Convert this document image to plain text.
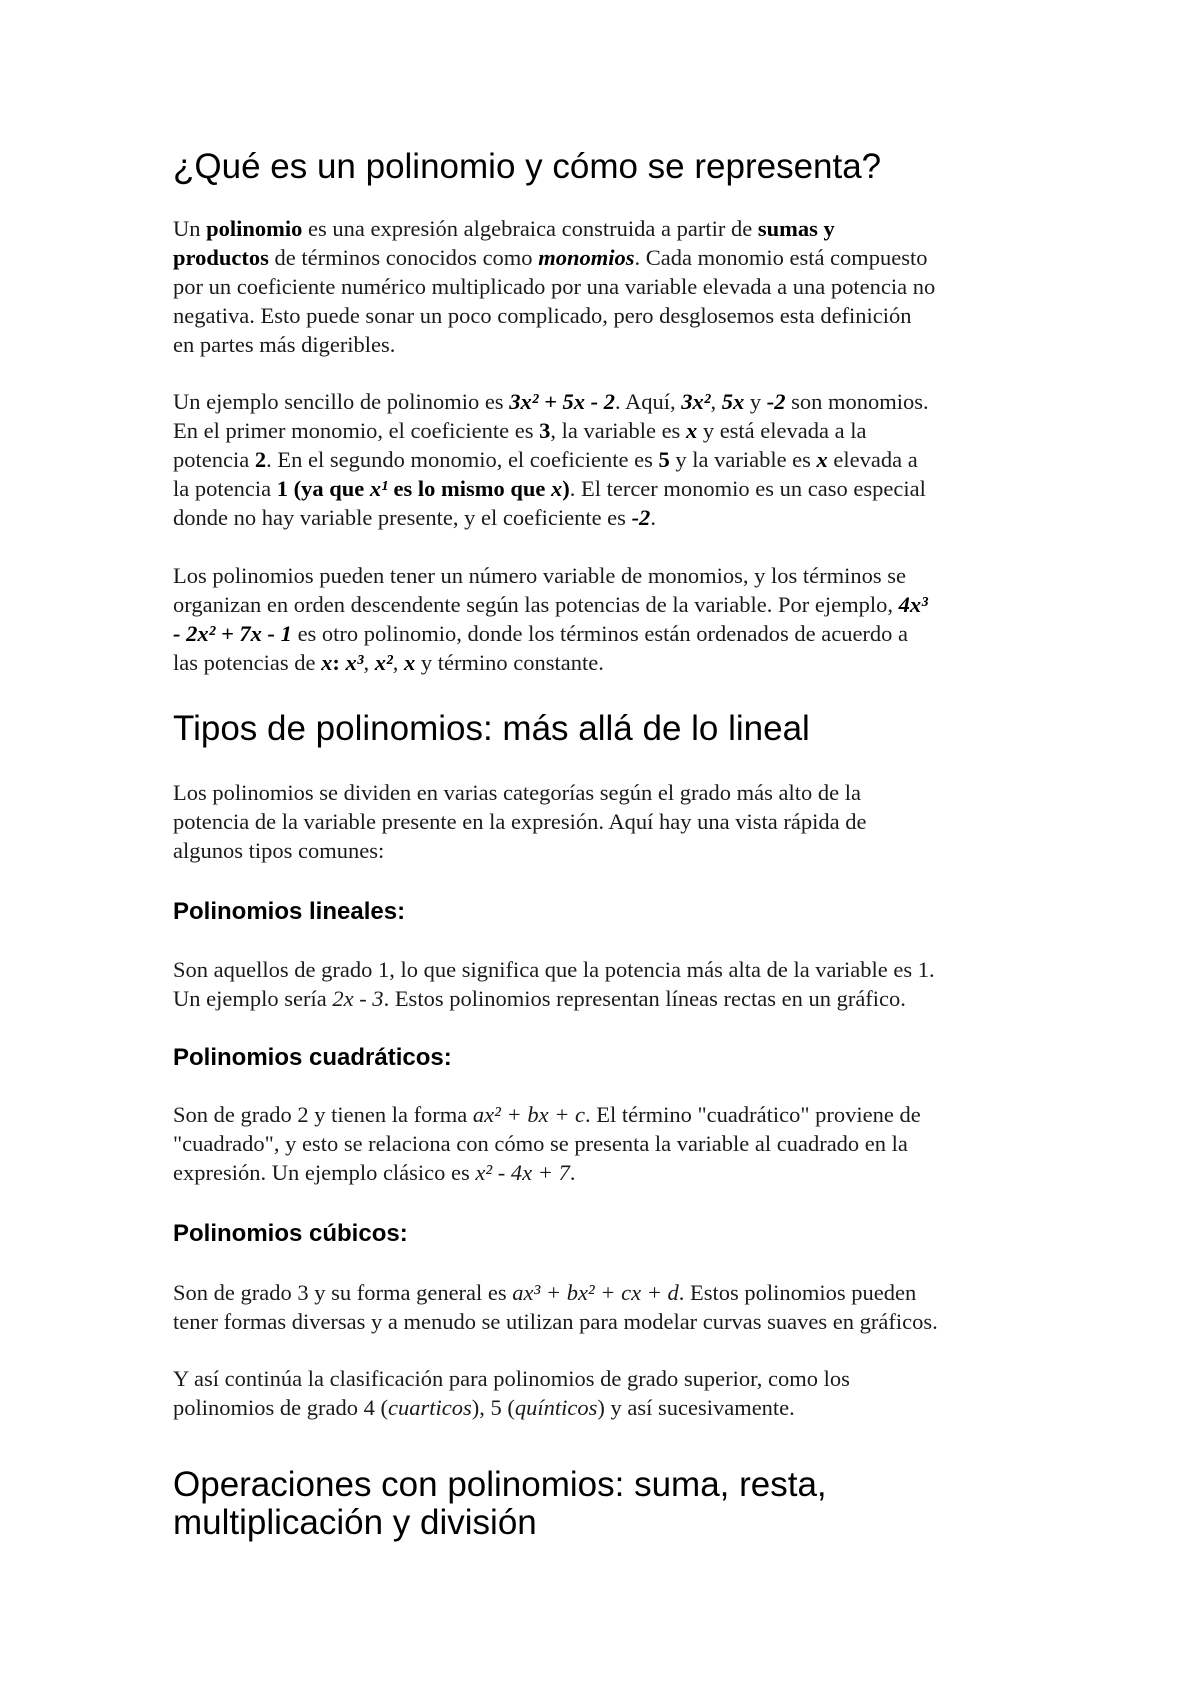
¿Qué es un polinomio y cómo se representa?
Un polinomio es una expresión algebraica construida a partir de sumas y
productos de términos conocidos como monomios. Cada monomio está compuesto
por un coeficiente numérico multiplicado por una variable elevada a una potencia no
negativa. Esto puede sonar un poco complicado, pero desglosemos esta definición
en partes más digeribles.
Un ejemplo sencillo de polinomio es 3x² + 5x - 2. Aquí, 3x², 5x y -2 son monomios.
En el primer monomio, el coeficiente es 3, la variable es x y está elevada a la
potencia 2. En el segundo monomio, el coeficiente es 5 y la variable es x elevada a
la potencia 1 (ya que x¹ es lo mismo que x). El tercer monomio es un caso especial
donde no hay variable presente, y el coeficiente es -2.
Los polinomios pueden tener un número variable de monomios, y los términos se
organizan en orden descendente según las potencias de la variable. Por ejemplo, 4x³
- 2x² + 7x - 1 es otro polinomio, donde los términos están ordenados de acuerdo a
las potencias de x: x³, x², x y término constante.
Tipos de polinomios: más allá de lo lineal
Los polinomios se dividen en varias categorías según el grado más alto de la
potencia de la variable presente en la expresión. Aquí hay una vista rápida de
algunos tipos comunes:
Polinomios lineales:
Son aquellos de grado 1, lo que significa que la potencia más alta de la variable es 1.
Un ejemplo sería 2x - 3. Estos polinomios representan líneas rectas en un gráfico.
Polinomios cuadráticos:
Son de grado 2 y tienen la forma ax² + bx + c. El término "cuadrático" proviene de
"cuadrado", y esto se relaciona con cómo se presenta la variable al cuadrado en la
expresión. Un ejemplo clásico es x² - 4x + 7.
Polinomios cúbicos:
Son de grado 3 y su forma general es ax³ + bx² + cx + d. Estos polinomios pueden
tener formas diversas y a menudo se utilizan para modelar curvas suaves en gráficos.
Y así continúa la clasificación para polinomios de grado superior, como los
polinomios de grado 4 (cuarticos), 5 (quínticos) y así sucesivamente.
Operaciones con polinomios: suma, resta,
multiplicación y división
